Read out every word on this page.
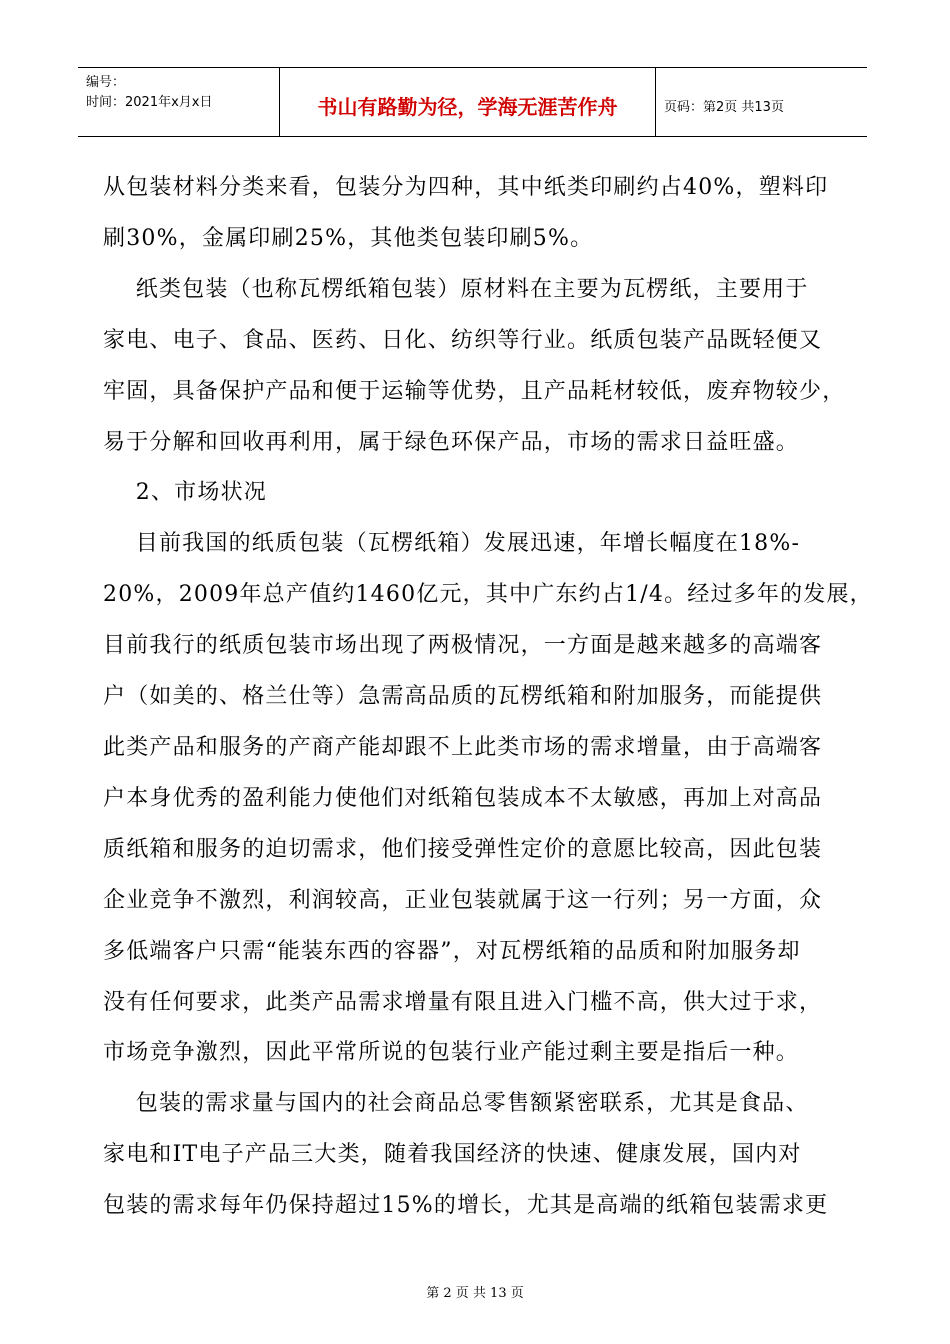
编号：
时间：2021年x月x日	书山有路勤为径，学海无涯苦作舟	页码：第2页 共13页
从包装材料分类来看，包装分为四种，其中纸类印刷约占40%，塑料印
刷30%，金属印刷25%，其他类包装印刷5%。
纸类包装（也称瓦楞纸箱包装）原材料在主要为瓦楞纸，主要用于
家电、电子、食品、医药、日化、纺织等行业。纸质包装产品既轻便又
牢固，具备保护产品和便于运输等优势，且产品耗材较低，废弃物较少，
易于分解和回收再利用，属于绿色环保产品，市场的需求日益旺盛。
2、市场状况
目前我国的纸质包装（瓦楞纸箱）发展迅速，年增长幅度在18%-
20%，2009年总产值约1460亿元，其中广东约占1/4。经过多年的发展，
目前我行的纸质包装市场出现了两极情况，一方面是越来越多的高端客
户（如美的、格兰仕等）急需高品质的瓦楞纸箱和附加服务，而能提供
此类产品和服务的产商产能却跟不上此类市场的需求增量，由于高端客
户本身优秀的盈利能力使他们对纸箱包装成本不太敏感，再加上对高品
质纸箱和服务的迫切需求，他们接受弹性定价的意愿比较高，因此包装
企业竞争不激烈，利润较高，正业包装就属于这一行列；另一方面，众
多低端客户只需“能装东西的容器”，对瓦楞纸箱的品质和附加服务却
没有任何要求，此类产品需求增量有限且进入门槛不高，供大过于求，
市场竞争激烈，因此平常所说的包装行业产能过剩主要是指后一种。
包装的需求量与国内的社会商品总零售额紧密联系，尤其是食品、
家电和IT电子产品三大类，随着我国经济的快速、健康发展，国内对
包装的需求每年仍保持超过15%的增长，尤其是高端的纸箱包装需求更
第 2 页 共 13 页
